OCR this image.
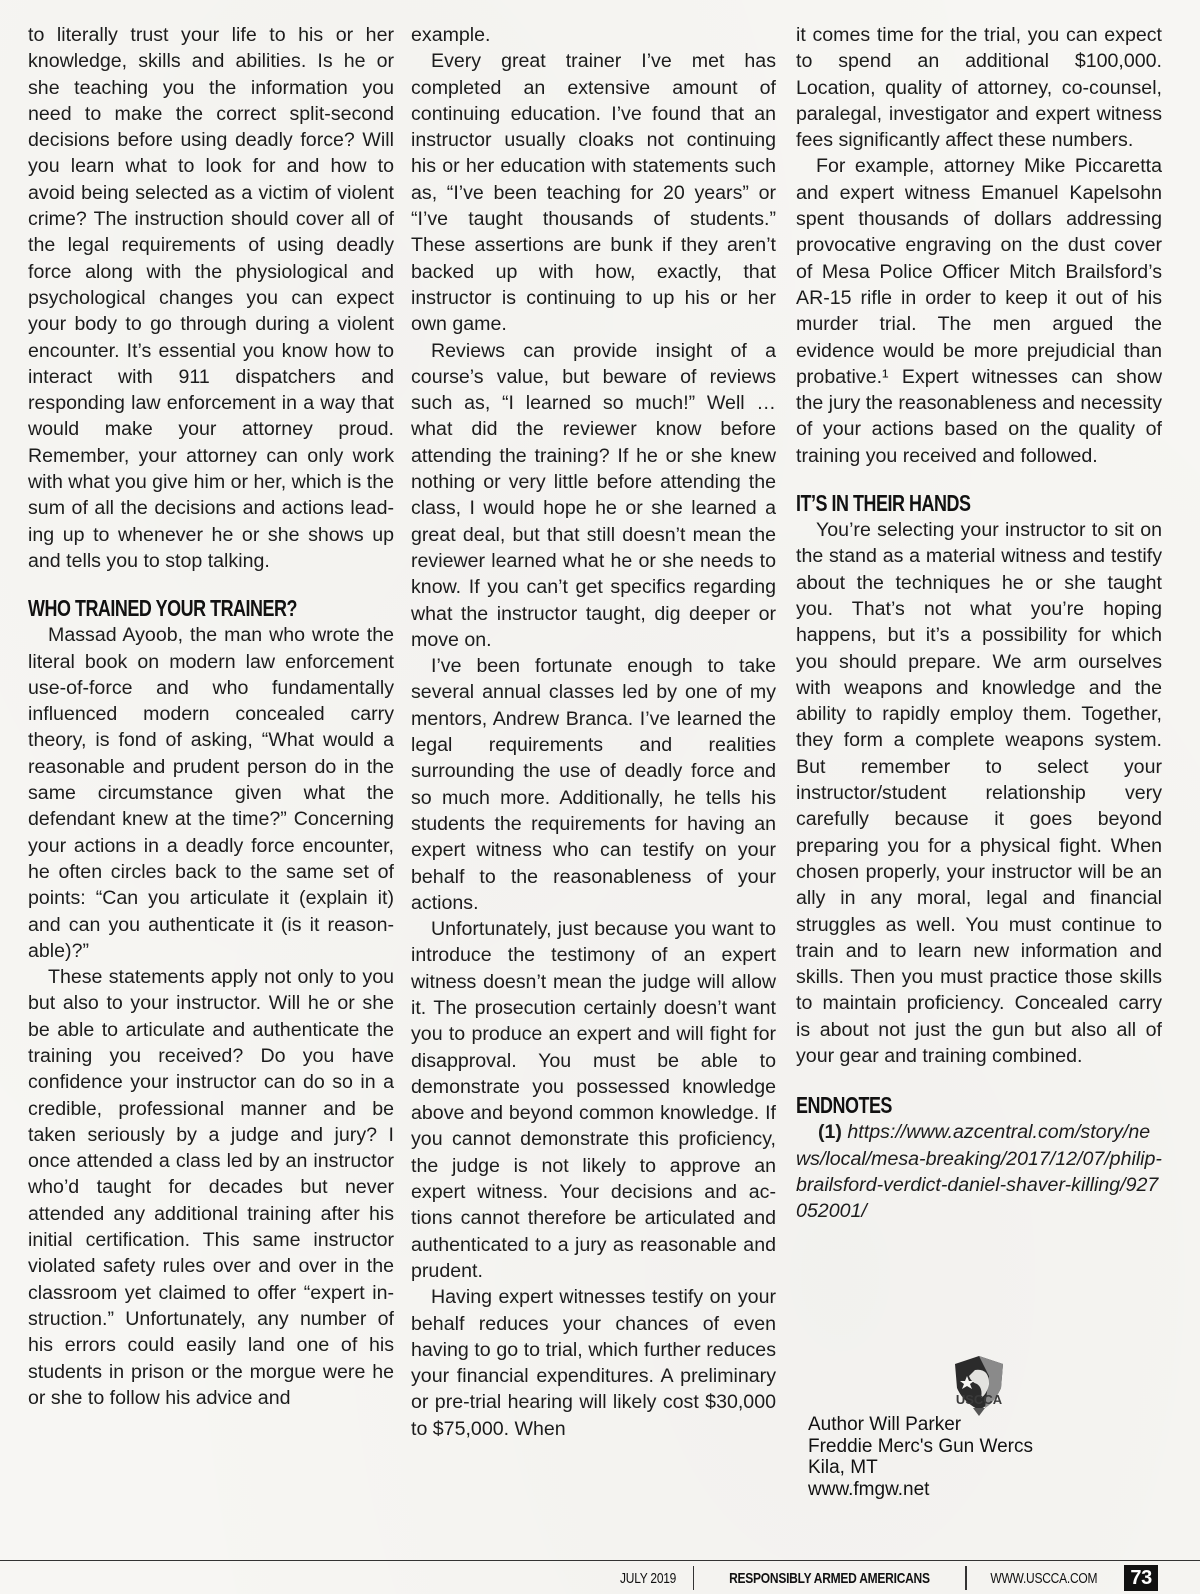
to literally trust your life to his or her knowledge, skills and abilities. Is he or she teaching you the information you need to make the correct split-second decisions before using deadly force? Will you learn what to look for and how to avoid being selected as a victim of violent crime? The instruction should cover all of the legal requirements of using deadly force along with the physiological and psychological changes you can expect your body to go through during a violent encounter. It’s essential you know how to interact with 911 dispatchers and responding law enforcement in a way that would make your attorney proud. Remember, your attorney can only work with what you give him or her, which is the sum of all the decisions and actions leading up to whenever he or she shows up and tells you to stop talking.

WHO TRAINED YOUR TRAINER?

Massad Ayoob, the man who wrote the literal book on modern law enforcement use-of-force and who fundamentally influenced modern concealed carry theory, is fond of asking, “What would a reasonable and prudent person do in the same circumstance given what the defendant knew at the time?” Concerning your actions in a deadly force encounter, he often circles back to the same set of points: “Can you articulate it (explain it) and can you authenticate it (is it reasonable)?”

These statements apply not only to you but also to your instructor. Will he or she be able to articulate and authenticate the training you received? Do you have confidence your instructor can do so in a credible, professional manner and be taken seriously by a judge and jury? I once attended a class led by an instructor who’d taught for decades but never attended any additional training after his initial certification. This same instructor violated safety rules over and over in the classroom yet claimed to offer “expert instruction.” Unfortunately, any number of his errors could easily land one of his students in prison or the morgue were he or she to follow his advice and

example.

Every great trainer I’ve met has completed an extensive amount of continuing education. I’ve found that an instructor usually cloaks not continuing his or her education with statements such as, “I’ve been teaching for 20 years” or “I’ve taught thousands of students.” These assertions are bunk if they aren’t backed up with how, exactly, that instructor is continuing to up his or her own game.

Reviews can provide insight of a course’s value, but beware of reviews such as, “I learned so much!” Well … what did the reviewer know before attending the training? If he or she knew nothing or very little before attending the class, I would hope he or she learned a great deal, but that still doesn’t mean the reviewer learned what he or she needs to know. If you can’t get specifics regarding what the instructor taught, dig deeper or move on.

I’ve been fortunate enough to take several annual classes led by one of my mentors, Andrew Branca. I’ve learned the legal requirements and realities surrounding the use of deadly force and so much more. Additionally, he tells his students the requirements for having an expert witness who can testify on your behalf to the reasonableness of your actions.

Unfortunately, just because you want to introduce the testimony of an expert witness doesn’t mean the judge will allow it. The prosecution certainly doesn’t want you to produce an expert and will fight for disapproval. You must be able to demonstrate you possessed knowledge above and beyond common knowledge. If you cannot demonstrate this proficiency, the judge is not likely to approve an expert witness. Your decisions and actions cannot therefore be articulated and authenticated to a jury as reasonable and prudent.

Having expert witnesses testify on your behalf reduces your chances of even having to go to trial, which further reduces your financial expenditures. A preliminary or pre-trial hearing will likely cost $30,000 to $75,000. When

it comes time for the trial, you can expect to spend an additional $100,000. Location, quality of attorney, co-counsel, paralegal, investigator and expert witness fees significantly affect these numbers.

For example, attorney Mike Piccaretta and expert witness Emanuel Kapelsohn spent thousands of dollars addressing provocative engraving on the dust cover of Mesa Police Officer Mitch Brailsford’s AR-15 rifle in order to keep it out of his murder trial. The men argued the evidence would be more prejudicial than probative.¹ Expert witnesses can show the jury the reasonableness and necessity of your actions based on the quality of training you received and followed.

IT’S IN THEIR HANDS

You’re selecting your instructor to sit on the stand as a material witness and testify about the techniques he or she taught you. That’s not what you’re hoping happens, but it’s a possibility for which you should prepare. We arm ourselves with weapons and knowledge and the ability to rapidly employ them. Together, they form a complete weapons system. But remember to select your instructor/student relationship very carefully because it goes beyond preparing you for a physical fight. When chosen properly, your instructor will be an ally in any moral, legal and financial struggles as well. You must continue to train and to learn new information and skills. Then you must practice those skills to maintain proficiency. Concealed carry is about not just the gun but also all of your gear and training combined.

ENDNOTES

(1) https://www.azcentral.com/story/news/local/mesa-breaking/2017/12/07/philip-brailsford-verdict-daniel-shaver-killing/927052001/

USCCA
Author Will Parker
Freddie Merc's Gun Wercs
Kila, MT
www.fmgw.net
JULY 2019	RESPONSIBLY ARMED AMERICANS	WWW.USCCA.COM	73
